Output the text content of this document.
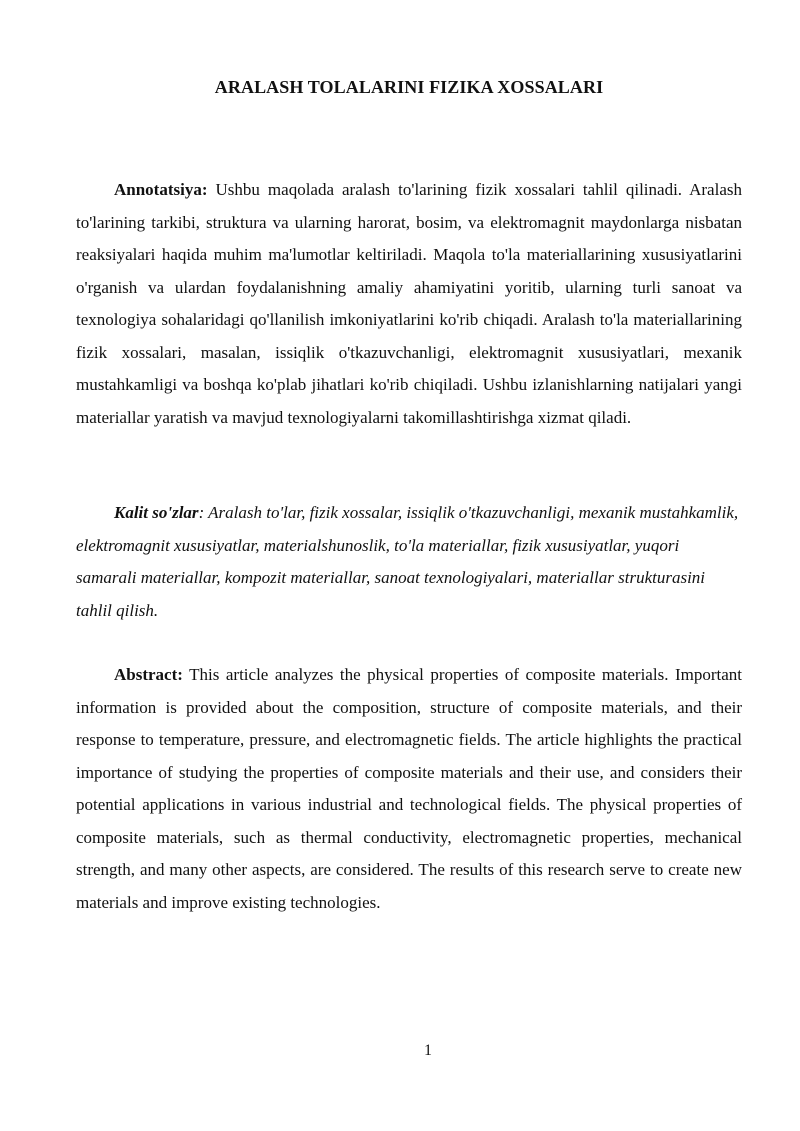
ARALASH TOLALARINI FIZIKA XOSSALARI

Annotatsiya: Ushbu maqolada aralash to'larining fizik xossalari tahlil qilinadi. Aralash to'larining tarkibi, struktura va ularning harorat, bosim, va elektromagnit maydonlarga nisbatan reaksiyalari haqida muhim ma'lumotlar keltiriladi. Maqola to'la materiallarining xususiyatlarini o'rganish va ulardan foydalanishning amaliy ahamiyatini yoritib, ularning turli sanoat va texnologiya sohalaridagi qo'llanilish imkoniyatlarini ko'rib chiqadi. Aralash to'la materiallarining fizik xossalari, masalan, issiqlik o'tkazuvchanligi, elektromagnit xususiyatlari, mexanik mustahkamligi va boshqa ko'plab jihatlari ko'rib chiqiladi. Ushbu izlanishlarning natijalari yangi materiallar yaratish va mavjud texnologiyalarni takomillashtirishga xizmat qiladi.

Kalit so'zlar: Aralash to'lar, fizik xossalar, issiqlik o'tkazuvchanligi, mexanik mustahkamlik, elektromagnit xususiyatlar, materialshunoslik, to'la materiallar, fizik xususiyatlar, yuqori samarali materiallar, kompozit materiallar, sanoat texnologiyalari, materiallar strukturasini tahlil qilish.

Abstract: This article analyzes the physical properties of composite materials. Important information is provided about the composition, structure of composite materials, and their response to temperature, pressure, and electromagnetic fields. The article highlights the practical importance of studying the properties of composite materials and their use, and considers their potential applications in various industrial and technological fields. The physical properties of composite materials, such as thermal conductivity, electromagnetic properties, mechanical strength, and many other aspects, are considered. The results of this research serve to create new materials and improve existing technologies.

1
